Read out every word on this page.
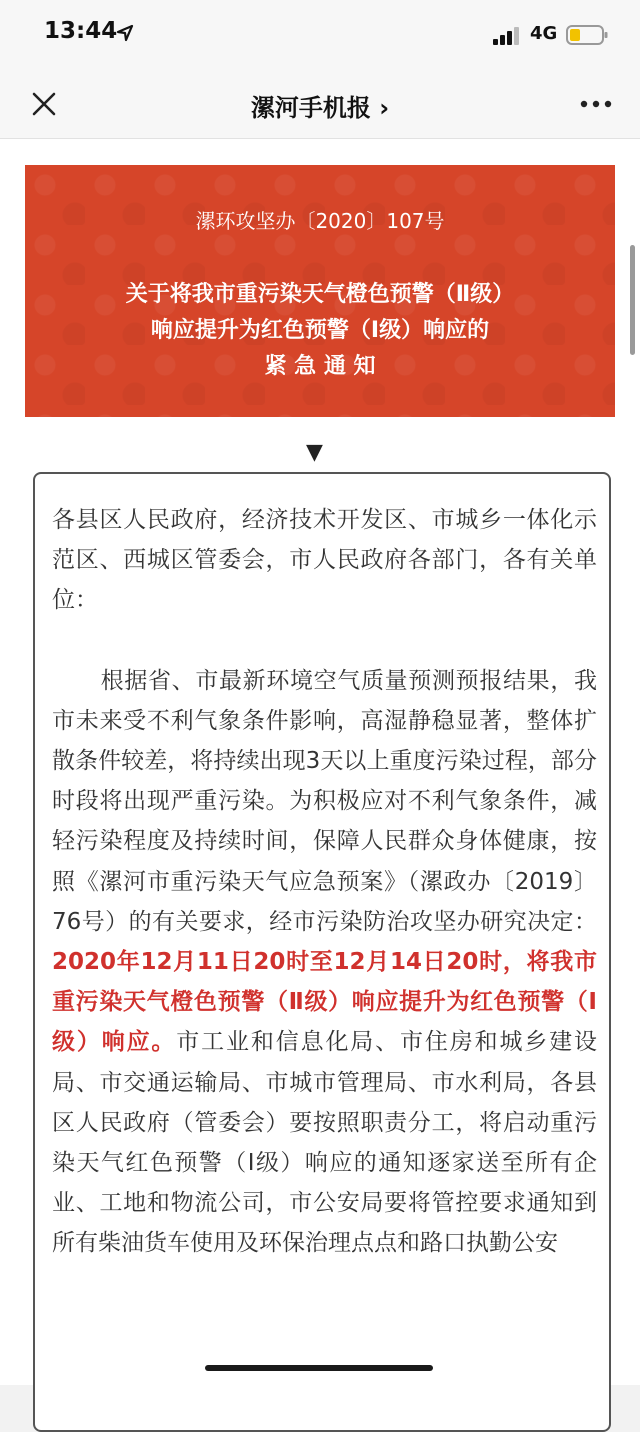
13:44	4G
漯河手机报 ›
漯环攻坚办〔2020〕107号
关于将我市重污染天气橙色预警（Ⅱ级）
响应提升为红色预警（Ⅰ级）响应的
紧 急 通 知
▼

各县区人民政府，经济技术开发区、市城乡一体化示范区、西城区管委会，市人民政府各部门，各有关单位：

根据省、市最新环境空气质量预测预报结果，我市未来受不利气象条件影响，高湿静稳显著，整体扩散条件较差，将持续出现3天以上重度污染过程，部分时段将出现严重污染。为积极应对不利气象条件，减轻污染程度及持续时间，保障人民群众身体健康，按照《漯河市重污染天气应急预案》（漯政办〔2019〕76号）的有关要求，经市污染防治攻坚办研究决定：2020年12月11日20时至12月14日20时，将我市重污染天气橙色预警（Ⅱ级）响应提升为红色预警（Ⅰ级）响应。市工业和信息化局、市住房和城乡建设局、市交通运输局、市城市管理局、市水利局，各县区人民政府（管委会）要按照职责分工，将启动重污染天气红色预警（Ⅰ级）响应的通知逐家送至所有企业、工地和物流公司，市公安局要将管控要求通知到所有柴油货车使用及环保治理点点和路口执勤公安
